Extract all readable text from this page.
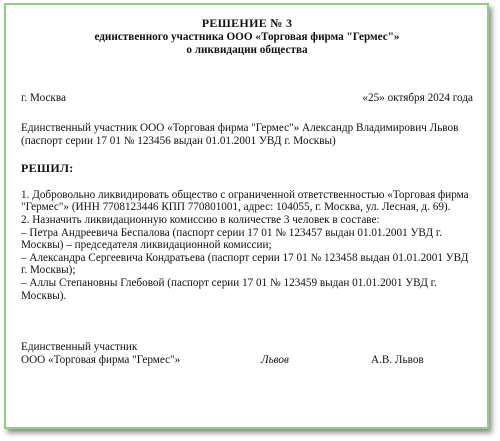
РЕШЕНИЕ № 3
единственного участника ООО «Торговая фирма "Гермес"»
о ликвидации общества
г. Москва	«25» октября 2024 года

Единственный участник ООО «Торговая фирма "Гермес"» Александр Владимирович Львов (паспорт серии 17 01 № 123456 выдан 01.01.2001 УВД г. Москвы)

РЕШИЛ:

1. Добровольно ликвидировать общество с ограниченной ответственностью «Торговая фирма "Гермес"» (ИНН 7708123446 КПП 770801001, адрес: 104055, г. Москва, ул. Лесная, д. 69).

2. Назначить ликвидационную комиссию в количестве 3 человек в составе:

– Петра Андреевича Беспалова (паспорт серии 17 01 № 123457 выдан 01.01.2001 УВД г. Москвы) – председателя ликвидационной комиссии;

– Александра Сергеевича Кондратьева (паспорт серии 17 01 № 123458 выдан 01.01.2001 УВД г. Москвы);

– Аллы Степановны Глебовой (паспорт серии 17 01 № 123459 выдан 01.01.2001 УВД г. Москвы).

Единственный участник
ООО «Торговая фирма "Гермес"»	Львов	А.В. Львов
